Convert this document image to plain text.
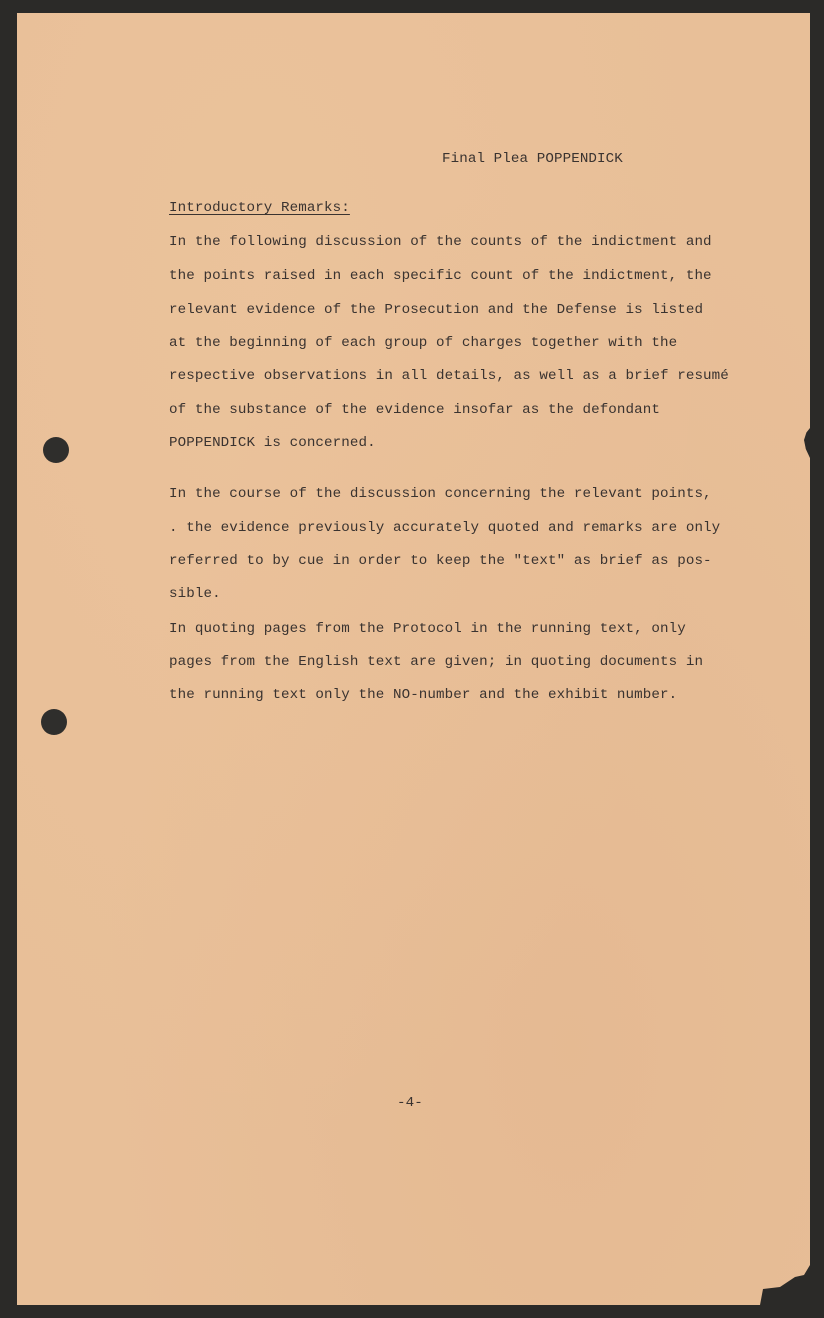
Final Plea POPPENDICK
Introductory Remarks:
In the following discussion of the counts of the indictment and
the points raised in each specific count of the indictment, the
relevant evidence of the Prosecution and the Defense is listed
at the beginning of each group of charges together with the
respective observations in all details, as well as a brief resumé
of the substance of the evidence insofar as the defondant
POPPENDICK is concerned.
In the course of the discussion concerning the relevant points,
. the evidence previously accurately quoted and remarks are only
referred to by cue in order to keep the "text" as brief as pos-
sible.
In quoting pages from the Protocol in the running text, only
pages from the English text are given; in quoting documents in
the running text only the NO-number and the exhibit number.
-4-
